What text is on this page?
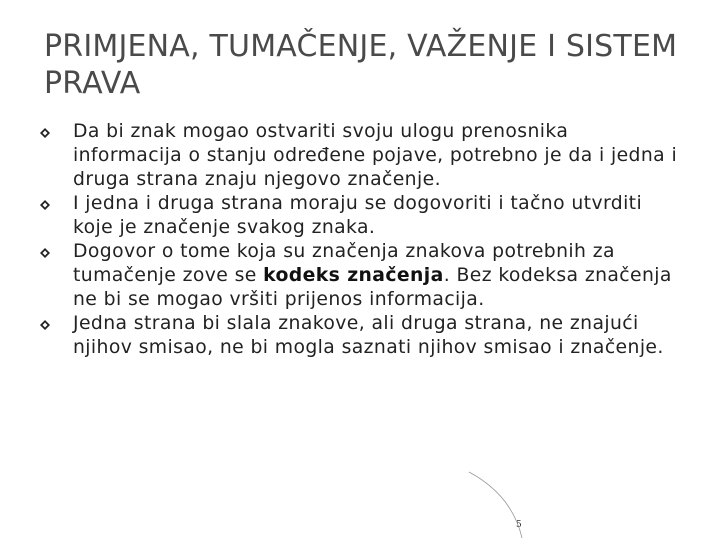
PRIMJENA, TUMAČENJE, VAŽENJE I SISTEM PRAVA
Da bi znak mogao ostvariti svoju ulogu prenosnika informacija o stanju određene pojave, potrebno je da i jedna i druga strana znaju njegovo značenje.
I jedna i druga strana moraju se dogovoriti i tačno utvrditi koje je značenje svakog znaka.
Dogovor o tome koja su značenja znakova potrebnih za tumačenje zove se kodeks značenja. Bez kodeksa značenja ne bi se mogao vršiti prijenos informacija.
Jedna strana bi slala znakove, ali druga strana, ne znajući njihov smisao, ne bi mogla saznati njihov smisao i značenje.
5
